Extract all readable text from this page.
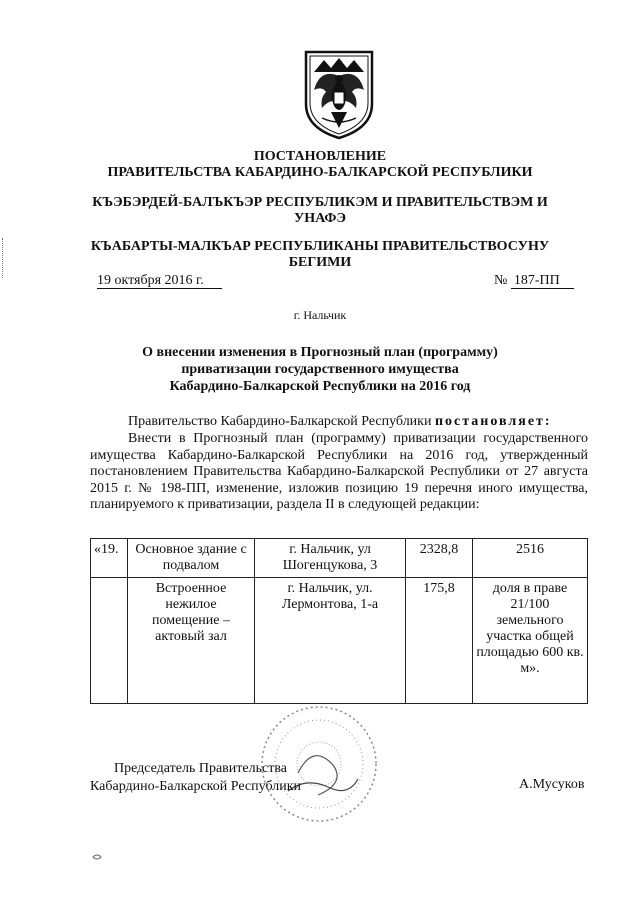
ПОСТАНОВЛЕНИЕ
ПРАВИТЕЛЬСТВА КАБАРДИНО-БАЛКАРСКОЙ РЕСПУБЛИКИ
КЪЭБЭРДЕЙ-БАЛЪКЪЭР РЕСПУБЛИКЭМ И ПРАВИТЕЛЬСТВЭМ И
УНАФЭ
КЪАБАРТЫ-МАЛКЪАР РЕСПУБЛИКАНЫ ПРАВИТЕЛЬСТВОСУНУ
БЕГИМИ
19 октября 2016 г.	№ 187-ПП
г. Нальчик
О внесении изменения в Прогнозный план (программу)
приватизации государственного имущества
Кабардино-Балкарской Республики на 2016 год
Правительство Кабардино-Балкарской Республики постановляет:
Внести в Прогнозный план (программу) приватизации государственного имущества Кабардино-Балкарской Республики на 2016 год, утвержденный постановлением Правительства Кабардино-Балкарской Республики от 27 августа 2015 г. № 198-ПП, изменение, изложив позицию 19 перечня иного имущества, планируемого к приватизации, раздела II в следующей редакции:
«19.	Основное здание с подвалом	г. Нальчик, ул Шогенцукова, 3	2328,8	2516
	Встроенное нежилое помещение – актовый зал	г. Нальчик, ул. Лермонтова, 1-а	175,8	доля в праве 21/100 земельного участка общей площадью 600 кв. м».
Председатель Правительства
Кабардино-Балкарской Республики	А.Мусуков
